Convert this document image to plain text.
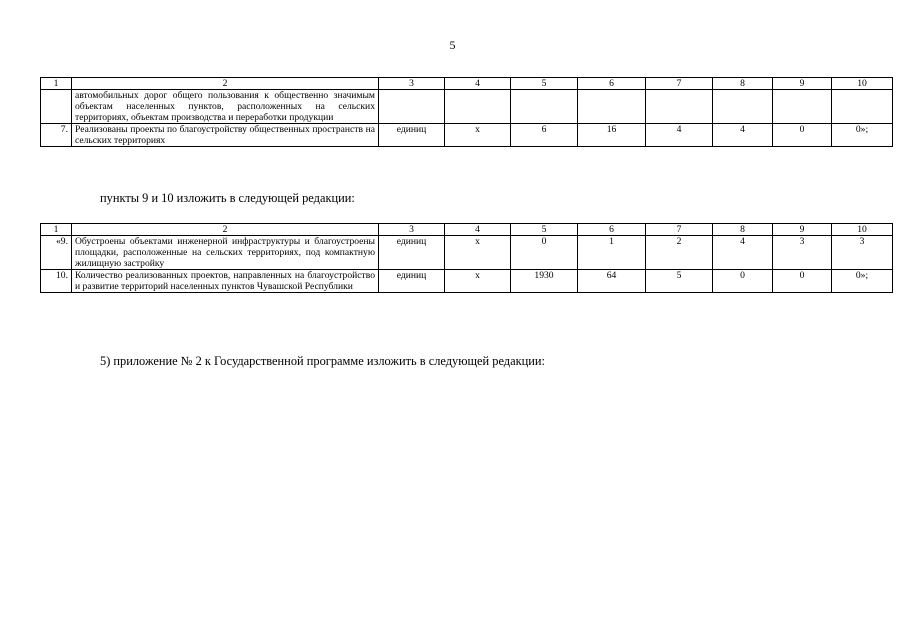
5
1	2	3	4	5	6	7	8	9	10
	автомобильных дорог общего пользования к общественно значимым объектам населенных пунктов, расположенных на сельских территориях, объектам производства и переработки продукции								
7.	Реализованы проекты по благоустройству общественных пространств на сельских территориях	единиц	х	6	16	4	4	0	0»;
пункты 9 и 10 изложить в следующей редакции:
1	2	3	4	5	6	7	8	9	10
«9.	Обустроены объектами инженерной инфраструктуры и благоустроены площадки, расположенные на сельских территориях, под компактную жилищную застройку	единиц	х	0	1	2	4	3	3
10.	Количество реализованных проектов, направленных на благоустройство и развитие территорий населенных пунктов Чувашской Республики	единиц	х	1930	64	5	0	0	0»;
5) приложение № 2 к Государственной программе изложить в следующей редакции:
